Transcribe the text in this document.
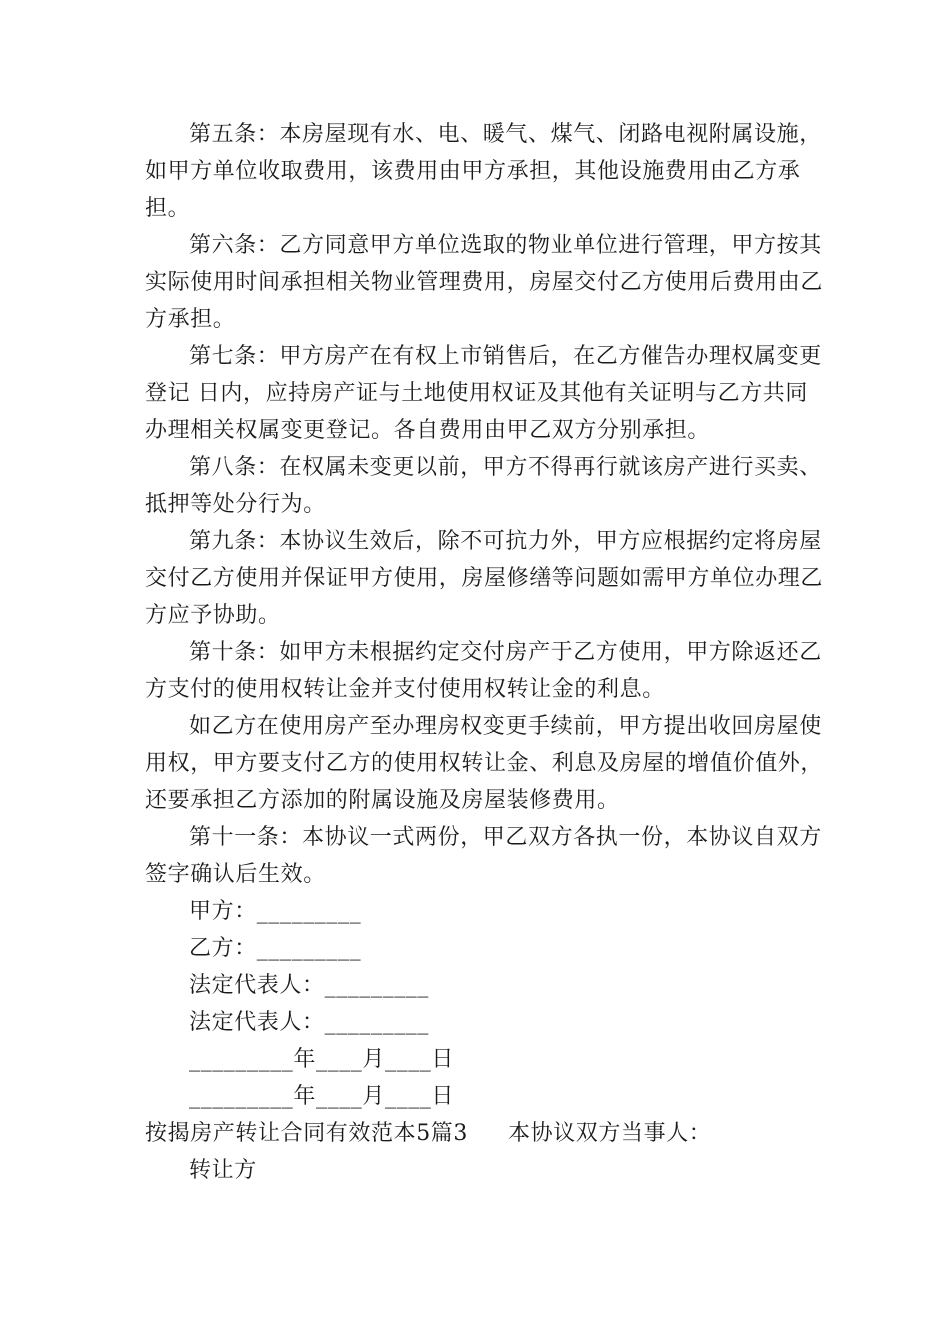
第五条：本房屋现有水、电、暖气、煤气、闭路电视附属设施，如甲方单位收取费用，该费用由甲方承担，其他设施费用由乙方承担。

第六条：乙方同意甲方单位选取的物业单位进行管理，甲方按其实际使用时间承担相关物业管理费用，房屋交付乙方使用后费用由乙方承担。

第七条：甲方房产在有权上市销售后，在乙方催告办理权属变更登记 日内，应持房产证与土地使用权证及其他有关证明与乙方共同办理相关权属变更登记。各自费用由甲乙双方分别承担。

第八条：在权属未变更以前，甲方不得再行就该房产进行买卖、抵押等处分行为。

第九条：本协议生效后，除不可抗力外，甲方应根据约定将房屋交付乙方使用并保证甲方使用，房屋修缮等问题如需甲方单位办理乙方应予协助。

第十条：如甲方未根据约定交付房产于乙方使用，甲方除返还乙方支付的使用权转让金并支付使用权转让金的利息。

如乙方在使用房产至办理房权变更手续前，甲方提出收回房屋使用权，甲方要支付乙方的使用权转让金、利息及房屋的增值价值外，还要承担乙方添加的附属设施及房屋装修费用。

第十一条：本协议一式两份，甲乙双方各执一份，本协议自双方签字确认后生效。

甲方：_________

乙方：_________

法定代表人：_________

法定代表人：_________

_________年____月____日

_________年____月____日

按揭房产转让合同有效范本5篇3 本协议双方当事人：

转让方
